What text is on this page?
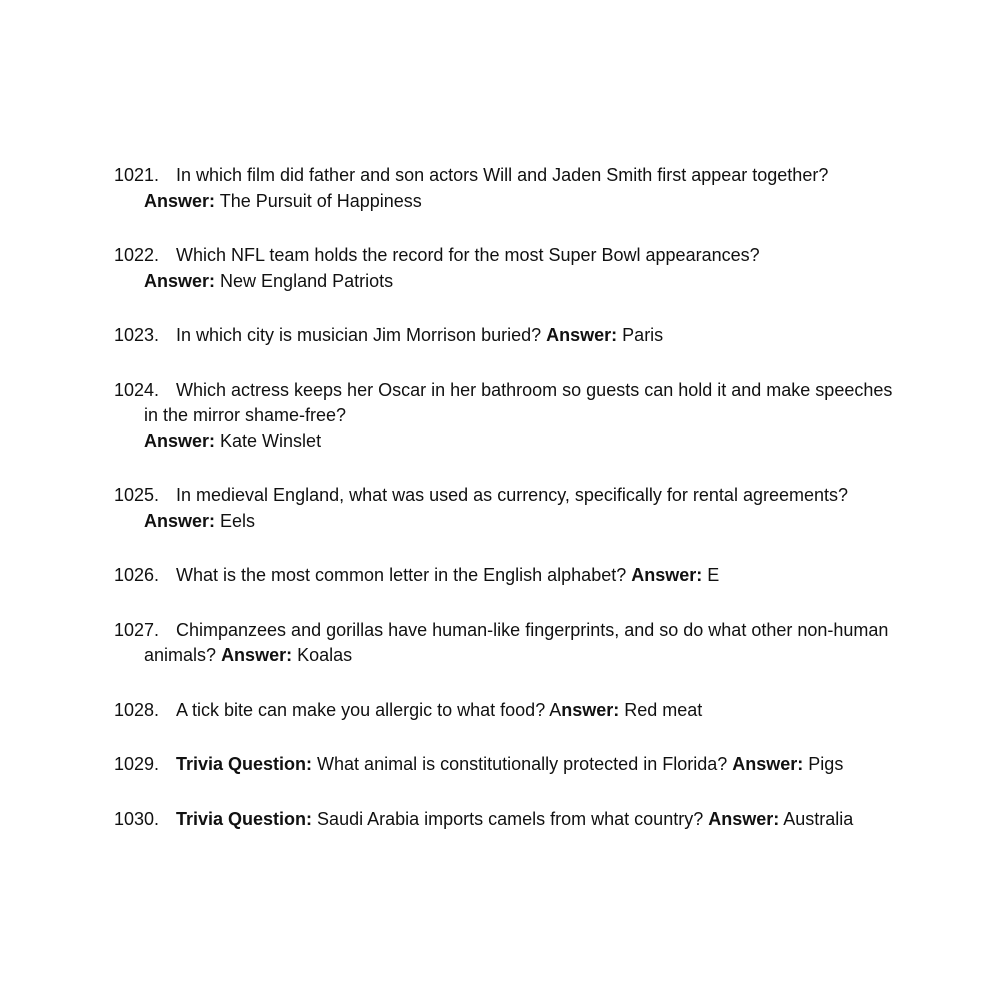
1021. In which film did father and son actors Will and Jaden Smith first appear together?
Answer: The Pursuit of Happiness
1022. Which NFL team holds the record for the most Super Bowl appearances?
Answer: New England Patriots
1023. In which city is musician Jim Morrison buried? Answer: Paris
1024. Which actress keeps her Oscar in her bathroom so guests can hold it and make speeches in the mirror shame-free?
Answer: Kate Winslet
1025. In medieval England, what was used as currency, specifically for rental agreements?
Answer: Eels
1026. What is the most common letter in the English alphabet? Answer: E
1027. Chimpanzees and gorillas have human-like fingerprints, and so do what other non-human animals? Answer: Koalas
1028. A tick bite can make you allergic to what food? Answer: Red meat
1029. Trivia Question: What animal is constitutionally protected in Florida? Answer: Pigs
1030. Trivia Question: Saudi Arabia imports camels from what country? Answer: Australia
